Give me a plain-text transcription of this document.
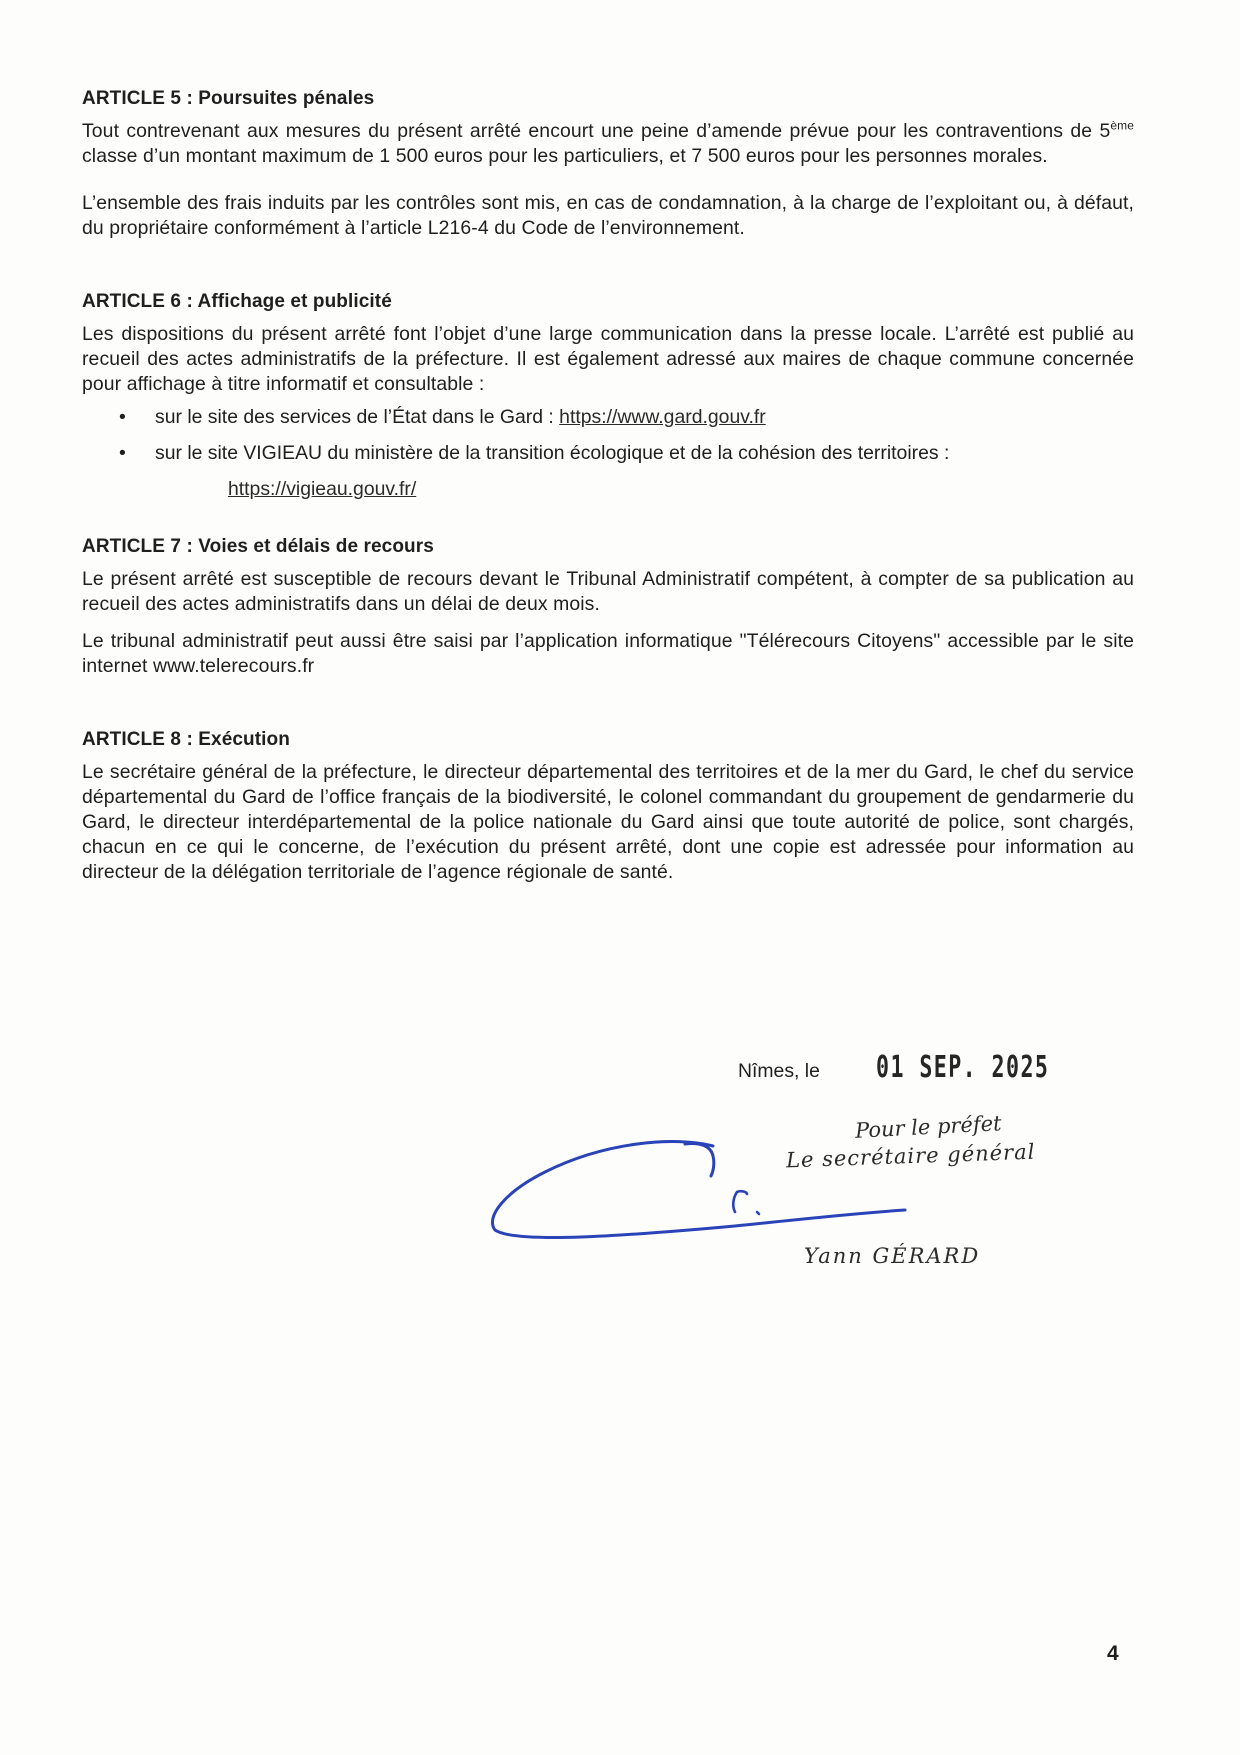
ARTICLE 5 : Poursuites pénales

Tout contrevenant aux mesures du présent arrêté encourt une peine d’amende prévue pour les contraventions de 5ème classe d’un montant maximum de 1 500 euros pour les particuliers, et 7 500 euros pour les personnes morales.

L’ensemble des frais induits par les contrôles sont mis, en cas de condamnation, à la charge de l’exploitant ou, à défaut, du propriétaire conformément à l’article L216-4 du Code de l’environnement.

ARTICLE 6 : Affichage et publicité

Les dispositions du présent arrêté font l’objet d’une large communication dans la presse locale. L’arrêté est publié au recueil des actes administratifs de la préfecture. Il est également adressé aux maires de chaque commune concernée pour affichage à titre informatif et consultable :

• sur le site des services de l’État dans le Gard : https://www.gard.gouv.fr
• sur le site VIGIEAU du ministère de la transition écologique et de la cohésion des territoires :

https://vigieau.gouv.fr/

ARTICLE 7 : Voies et délais de recours

Le présent arrêté est susceptible de recours devant le Tribunal Administratif compétent, à compter de sa publication au recueil des actes administratifs dans un délai de deux mois.

Le tribunal administratif peut aussi être saisi par l’application informatique "Télérecours Citoyens" accessible par le site internet www.telerecours.fr

ARTICLE 8 : Exécution

Le secrétaire général de la préfecture, le directeur départemental des territoires et de la mer du Gard, le chef du service départemental du Gard de l’office français de la biodiversité, le colonel commandant du groupement de gendarmerie du Gard, le directeur interdépartemental de la police nationale du Gard ainsi que toute autorité de police, sont chargés, chacun en ce qui le concerne, de l’exécution du présent arrêté, dont une copie est adressée pour information au directeur de la délégation territoriale de l’agence régionale de santé.

Nîmes, le 01 SEP. 2025
Pour le préfet
Le secrétaire général
Yann GÉRARD
4
